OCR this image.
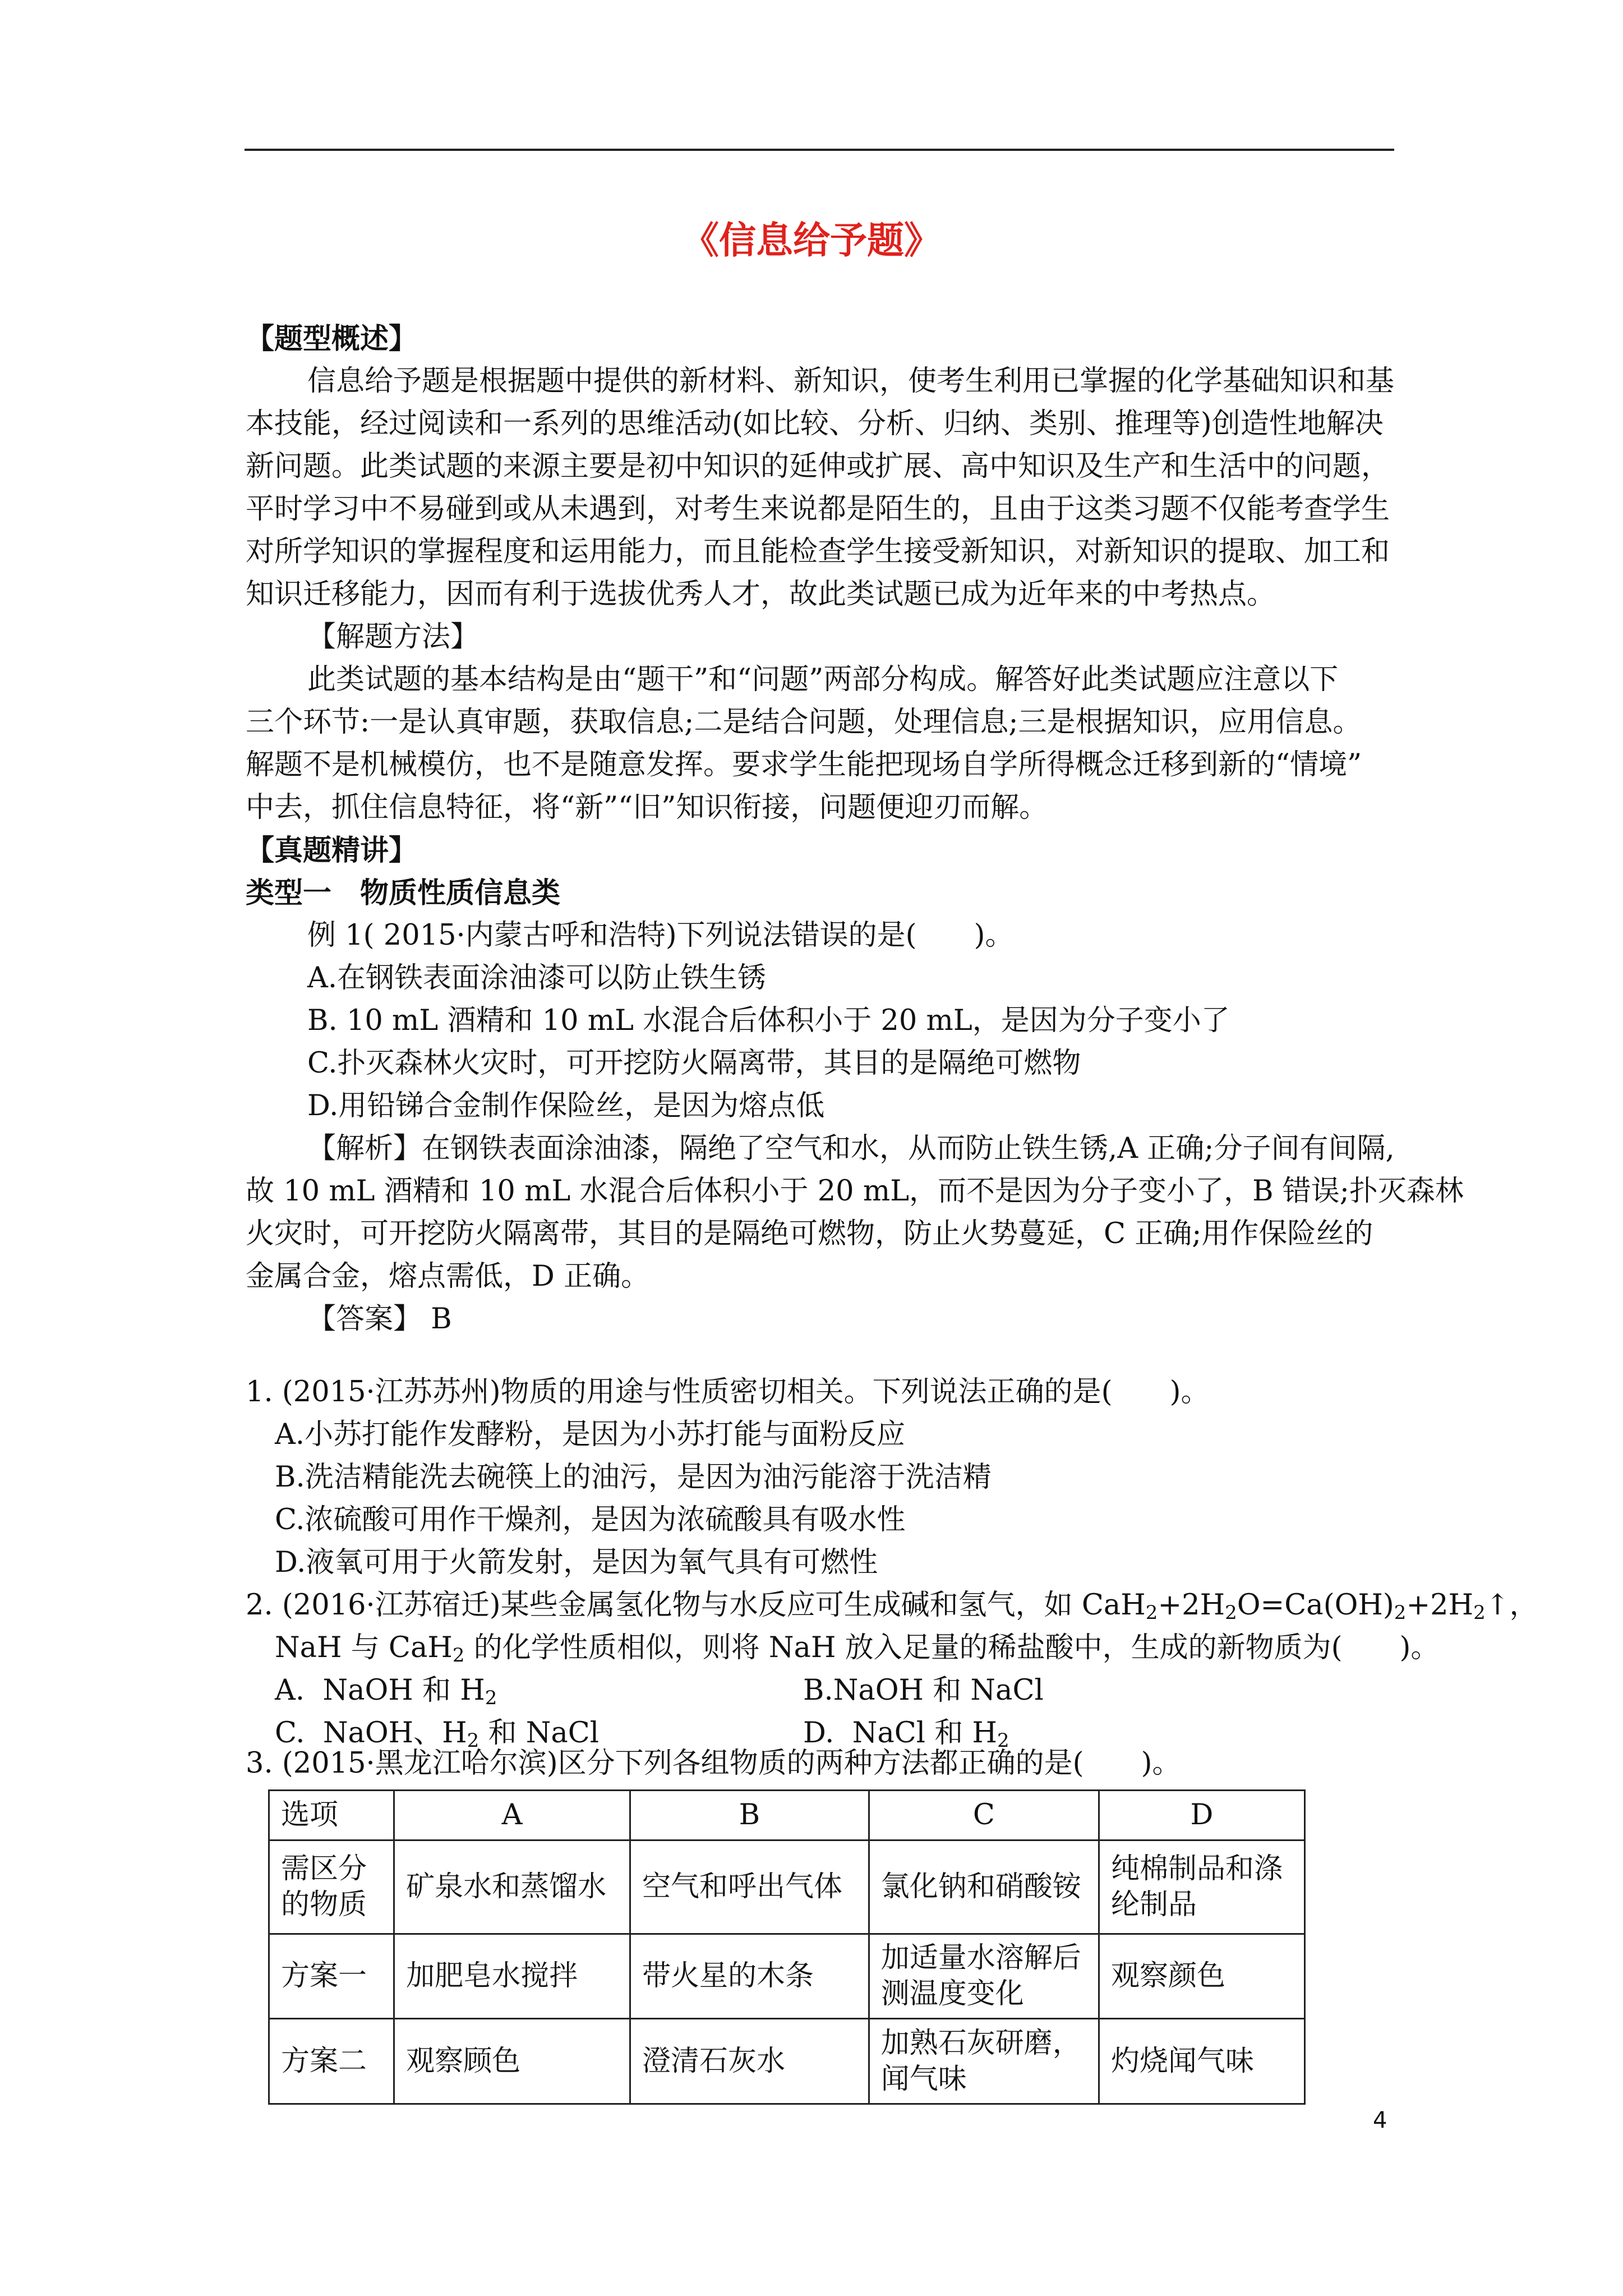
《信息给予题》
【题型概述】
信息给予题是根据题中提供的新材料、新知识，使考生利用已掌握的化学基础知识和基
本技能，经过阅读和一系列的思维活动(如比较、分析、归纳、类别、推理等)创造性地解决
新问题。此类试题的来源主要是初中知识的延伸或扩展、高中知识及生产和生活中的问题，
平时学习中不易碰到或从未遇到，对考生来说都是陌生的，且由于这类习题不仅能考查学生
对所学知识的掌握程度和运用能力，而且能检查学生接受新知识，对新知识的提取、加工和
知识迁移能力，因而有利于选拔优秀人才，故此类试题已成为近年来的中考热点。
【解题方法】
此类试题的基本结构是由“题干”和“问题”两部分构成。解答好此类试题应注意以下
三个环节:一是认真审题，获取信息;二是结合问题，处理信息;三是根据知识，应用信息。
解题不是机械模仿，也不是随意发挥。要求学生能把现场自学所得概念迁移到新的“情境”
中去，抓住信息特征，将“新”“旧”知识衔接，问题便迎刃而解。
【真题精讲】
类型一　物质性质信息类
例 1( 2015·内蒙古呼和浩特)下列说法错误的是(　　)。
A.在钢铁表面涂油漆可以防止铁生锈
B. 10 mL 酒精和 10 mL 水混合后体积小于 20 mL，是因为分子变小了
C.扑灭森林火灾时，可开挖防火隔离带，其目的是隔绝可燃物
D.用铅锑合金制作保险丝，是因为熔点低
【解析】在钢铁表面涂油漆，隔绝了空气和水，从而防止铁生锈,A 正确;分子间有间隔,
故 10 mL 酒精和 10 mL 水混合后体积小于 20 mL，而不是因为分子变小了，B 错误;扑灭森林
火灾时，可开挖防火隔离带，其目的是隔绝可燃物，防止火势蔓延，C 正确;用作保险丝的
金属合金，熔点需低，D 正确。
【答案】 B
1. (2015·江苏苏州)物质的用途与性质密切相关。下列说法正确的是(　　)。
A.小苏打能作发酵粉，是因为小苏打能与面粉反应
B.洗洁精能洗去碗筷上的油污，是因为油污能溶于洗洁精
C.浓硫酸可用作干燥剂，是因为浓硫酸具有吸水性
D.液氧可用于火箭发射，是因为氧气具有可燃性
2. (2016·江苏宿迁)某些金属氢化物与水反应可生成碱和氢气，如 $CaH_2+2H_2O=Ca(OH)_2+2H_2↑$，
NaH 与 CaH$_2$ 的化学性质相似，则将 NaH 放入足量的稀盐酸中，生成的新物质为(　　)。
A.  NaOH 和 $H_2$	B.NaOH 和 NaCl
C.  NaOH、$H_2$ 和 NaCl	D.  NaCl 和 $H_2$
3. (2015·黑龙江哈尔滨)区分下列各组物质的两种方法都正确的是(　　)。
选项	A	B	C	D
需区分的物质	矿泉水和蒸馏水	空气和呼出气体	氯化钠和硝酸铵	纯棉制品和涤纶制品
方案一	加肥皂水搅拌	带火星的木条	加适量水溶解后测温度变化	观察颜色
方案二	观察顾色	澄清石灰水	加熟石灰研磨，闻气味	灼烧闻气味
4
